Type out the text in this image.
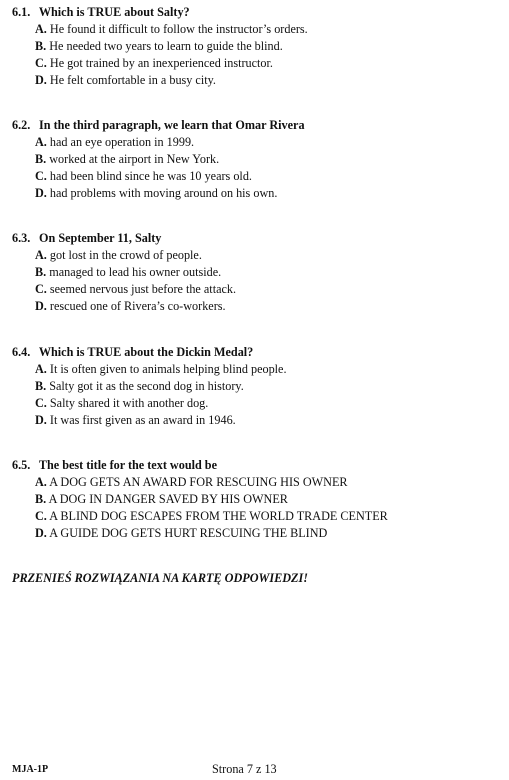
6.1. Which is TRUE about Salty?
A. He found it difficult to follow the instructor’s orders.
B. He needed two years to learn to guide the blind.
C. He got trained by an inexperienced instructor.
D. He felt comfortable in a busy city.
6.2. In the third paragraph, we learn that Omar Rivera
A. had an eye operation in 1999.
B. worked at the airport in New York.
C. had been blind since he was 10 years old.
D. had problems with moving around on his own.
6.3. On September 11, Salty
A. got lost in the crowd of people.
B. managed to lead his owner outside.
C. seemed nervous just before the attack.
D. rescued one of Rivera’s co-workers.
6.4. Which is TRUE about the Dickin Medal?
A. It is often given to animals helping blind people.
B. Salty got it as the second dog in history.
C. Salty shared it with another dog.
D. It was first given as an award in 1946.
6.5. The best title for the text would be
A. A DOG GETS AN AWARD FOR RESCUING HIS OWNER
B. A DOG IN DANGER SAVED BY HIS OWNER
C. A BLIND DOG ESCAPES FROM THE WORLD TRADE CENTER
D. A GUIDE DOG GETS HURT RESCUING THE BLIND
PRZENIEŚ ROZWIĄZANIA NA KARTĘ ODPOWIEDZI!
MJA-1P	Strona 7 z 13
